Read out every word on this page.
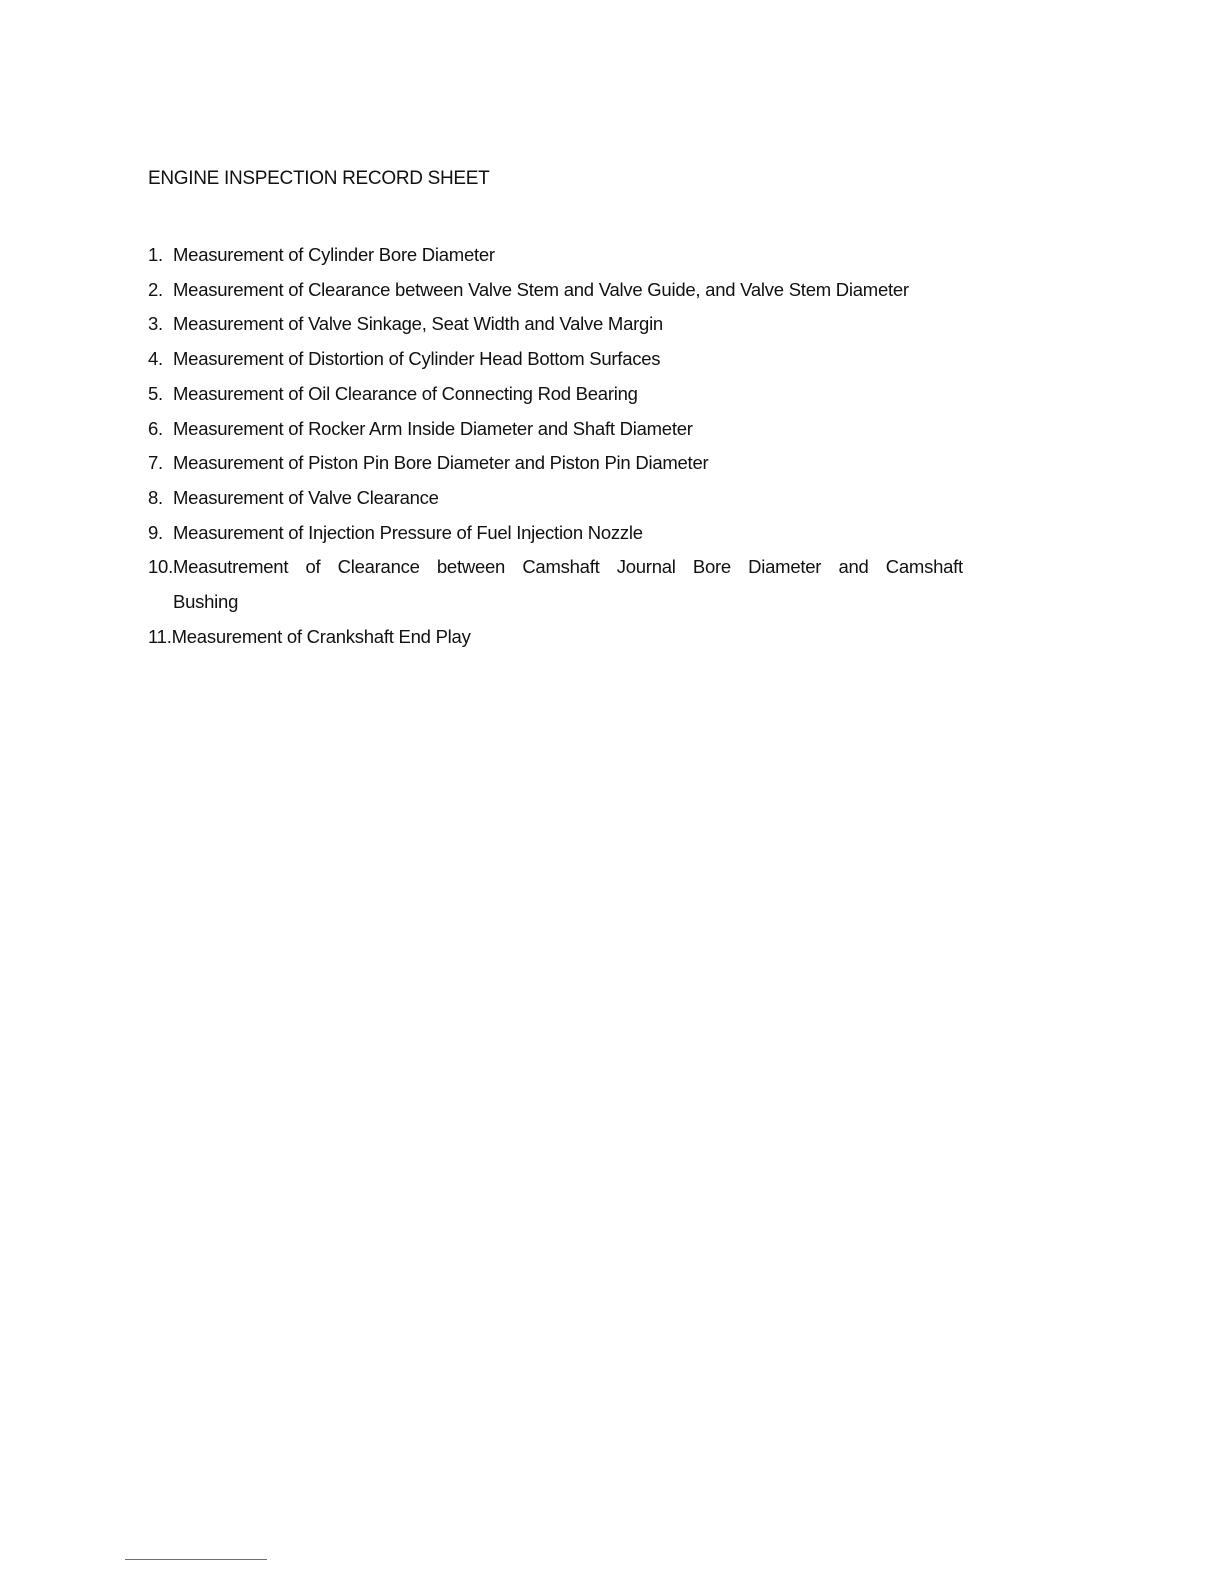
ENGINE INSPECTION RECORD SHEET
1. Measurement of Cylinder Bore Diameter
2. Measurement of Clearance between Valve Stem and Valve Guide, and Valve Stem Diameter
3. Measurement of Valve Sinkage, Seat Width and Valve Margin
4. Measurement of Distortion of Cylinder Head Bottom Surfaces
5. Measurement of Oil Clearance of Connecting Rod Bearing
6. Measurement of Rocker Arm Inside Diameter and Shaft Diameter
7. Measurement of Piston Pin Bore Diameter and Piston Pin Diameter
8. Measurement of Valve Clearance
9. Measurement of Injection Pressure of Fuel Injection Nozzle
10.Measutrement of Clearance between Camshaft Journal Bore Diameter and Camshaft
Bushing
11. Measurement of Crankshaft End Play
